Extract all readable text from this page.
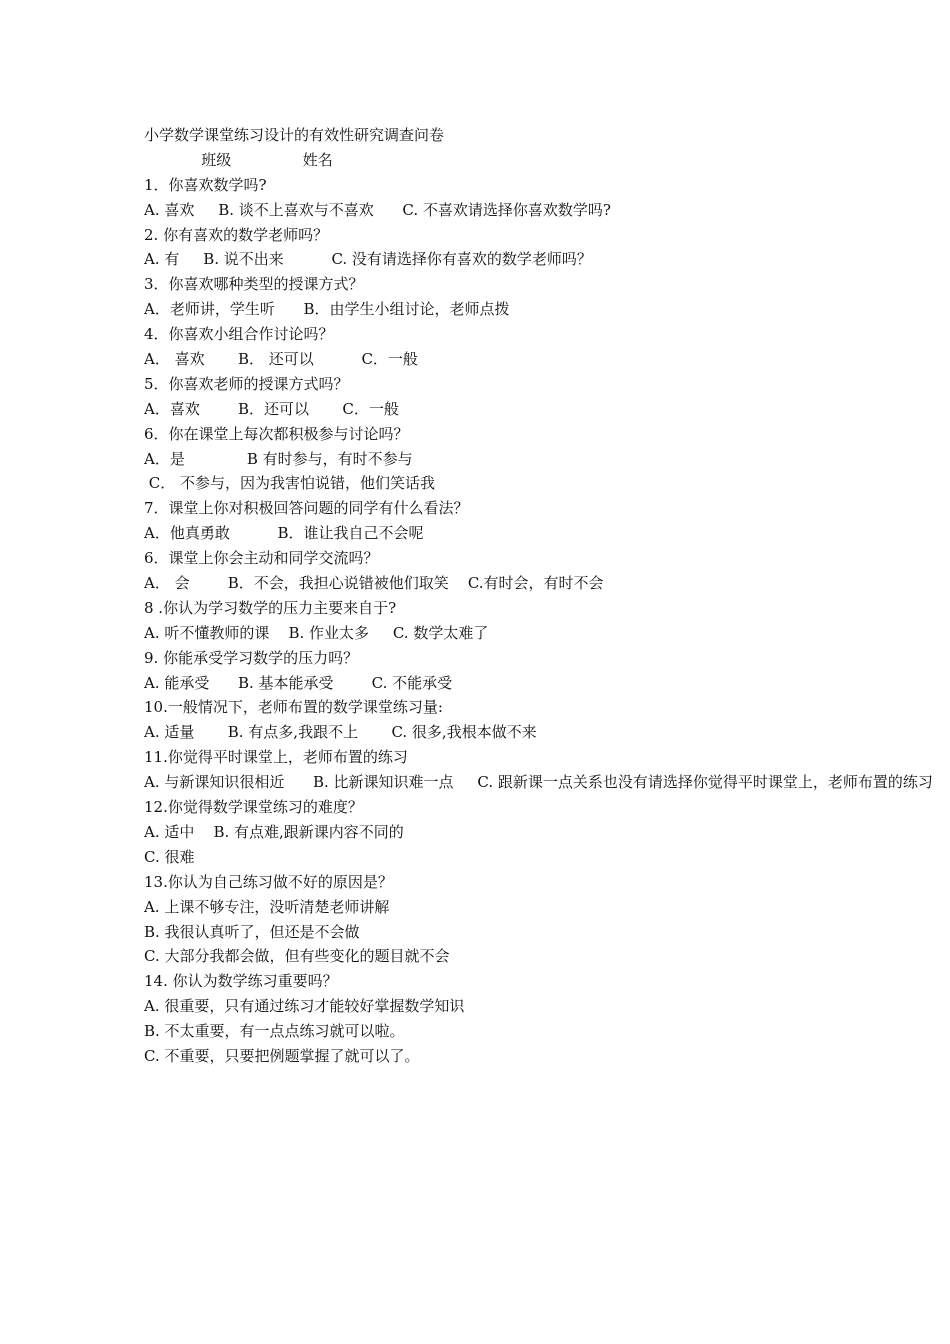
小学数学课堂练习设计的有效性研究调查问卷
班级               姓名
1．你喜欢数学吗?
A. 喜欢     B. 谈不上喜欢与不喜欢      C. 不喜欢请选择你喜欢数学吗?
2. 你有喜欢的数学老师吗？
A. 有     B. 说不出来          C. 没有请选择你有喜欢的数学老师吗？
3．你喜欢哪种类型的授课方式？
A．老师讲，学生听      B．由学生小组讨论，老师点拨
4．你喜欢小组合作讨论吗？
A． 喜欢       B． 还可以          C．一般
5．你喜欢老师的授课方式吗？
A．喜欢        B．还可以       C．一般
6．你在课堂上每次都积极参与讨论吗？
A．是             B 有时参与，有时不参与
C． 不参与，因为我害怕说错，他们笑话我
7．课堂上你对积极回答问题的同学有什么看法？
A．他真勇敢          B．谁让我自己不会呢
6．课堂上你会主动和同学交流吗？
A． 会        B．不会，我担心说错被他们取笑    C.有时会，有时不会
8 .你认为学习数学的压力主要来自于?
A. 听不懂教师的课    B. 作业太多     C. 数学太难了
9. 你能承受学习数学的压力吗？
A. 能承受      B. 基本能承受        C. 不能承受
10.一般情况下，老师布置的数学课堂练习量:
A. 适量       B. 有点多,我跟不上       C. 很多,我根本做不来
11.你觉得平时课堂上，老师布置的练习
A. 与新课知识很相近      B. 比新课知识难一点     C. 跟新课一点关系也没有请选择你觉得平时课堂上，老师布置的练习
12.你觉得数学课堂练习的难度？
A. 适中    B. 有点难,跟新课内容不同的
C. 很难
13.你认为自己练习做不好的原因是？
A. 上课不够专注，没听清楚老师讲解
B. 我很认真听了，但还是不会做
C. 大部分我都会做，但有些变化的题目就不会
14. 你认为数学练习重要吗？
A. 很重要，只有通过练习才能较好掌握数学知识
B. 不太重要，有一点点练习就可以啦。
C. 不重要，只要把例题掌握了就可以了。
